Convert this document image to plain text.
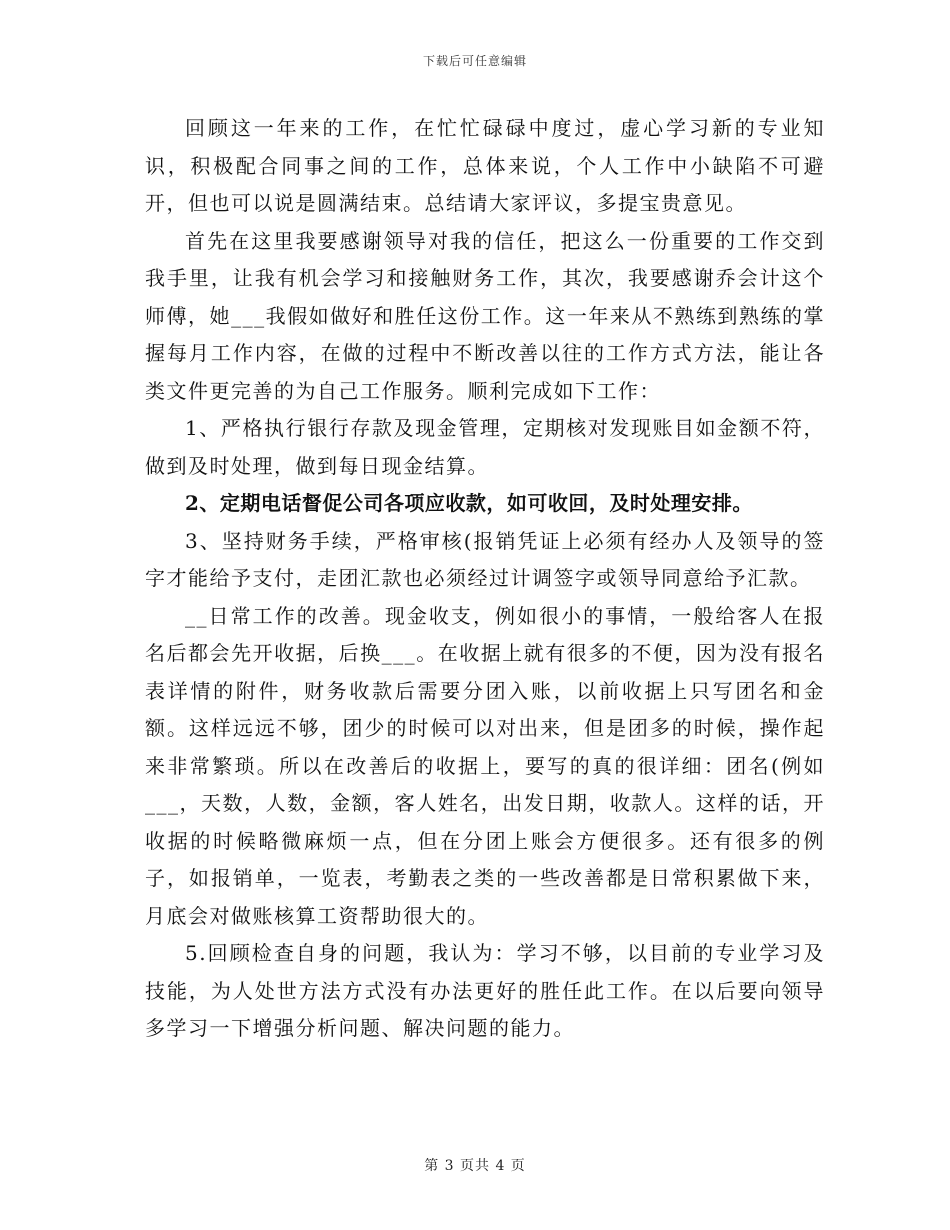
下载后可任意编辑

回顾这一年来的工作，在忙忙碌碌中度过，虚心学习新的专业知识，积极配合同事之间的工作，总体来说，个人工作中小缺陷不可避开，但也可以说是圆满结束。总结请大家评议，多提宝贵意见。

首先在这里我要感谢领导对我的信任，把这么一份重要的工作交到我手里，让我有机会学习和接触财务工作，其次，我要感谢乔会计这个师傅，她___我假如做好和胜任这份工作。这一年来从不熟练到熟练的掌握每月工作内容，在做的过程中不断改善以往的工作方式方法，能让各类文件更完善的为自己工作服务。顺利完成如下工作：

1、严格执行银行存款及现金管理，定期核对发现账目如金额不符，做到及时处理，做到每日现金结算。

2、定期电话督促公司各项应收款，如可收回，及时处理安排。

3、坚持财务手续，严格审核(报销凭证上必须有经办人及领导的签字才能给予支付，走团汇款也必须经过计调签字或领导同意给予汇款。

__日常工作的改善。现金收支，例如很小的事情，一般给客人在报名后都会先开收据，后换___。在收据上就有很多的不便，因为没有报名表详情的附件，财务收款后需要分团入账，以前收据上只写团名和金额。这样远远不够，团少的时候可以对出来，但是团多的时候，操作起来非常繁琐。所以在改善后的收据上，要写的真的很详细：团名(例如___，天数，人数，金额，客人姓名，出发日期，收款人。这样的话，开收据的时候略微麻烦一点，但在分团上账会方便很多。还有很多的例子，如报销单，一览表，考勤表之类的一些改善都是日常积累做下来，月底会对做账核算工资帮助很大的。

5.回顾检查自身的问题，我认为：学习不够，以目前的专业学习及技能，为人处世方法方式没有办法更好的胜任此工作。在以后要向领导多学习一下增强分析问题、解决问题的能力。

第 3 页共 4 页
